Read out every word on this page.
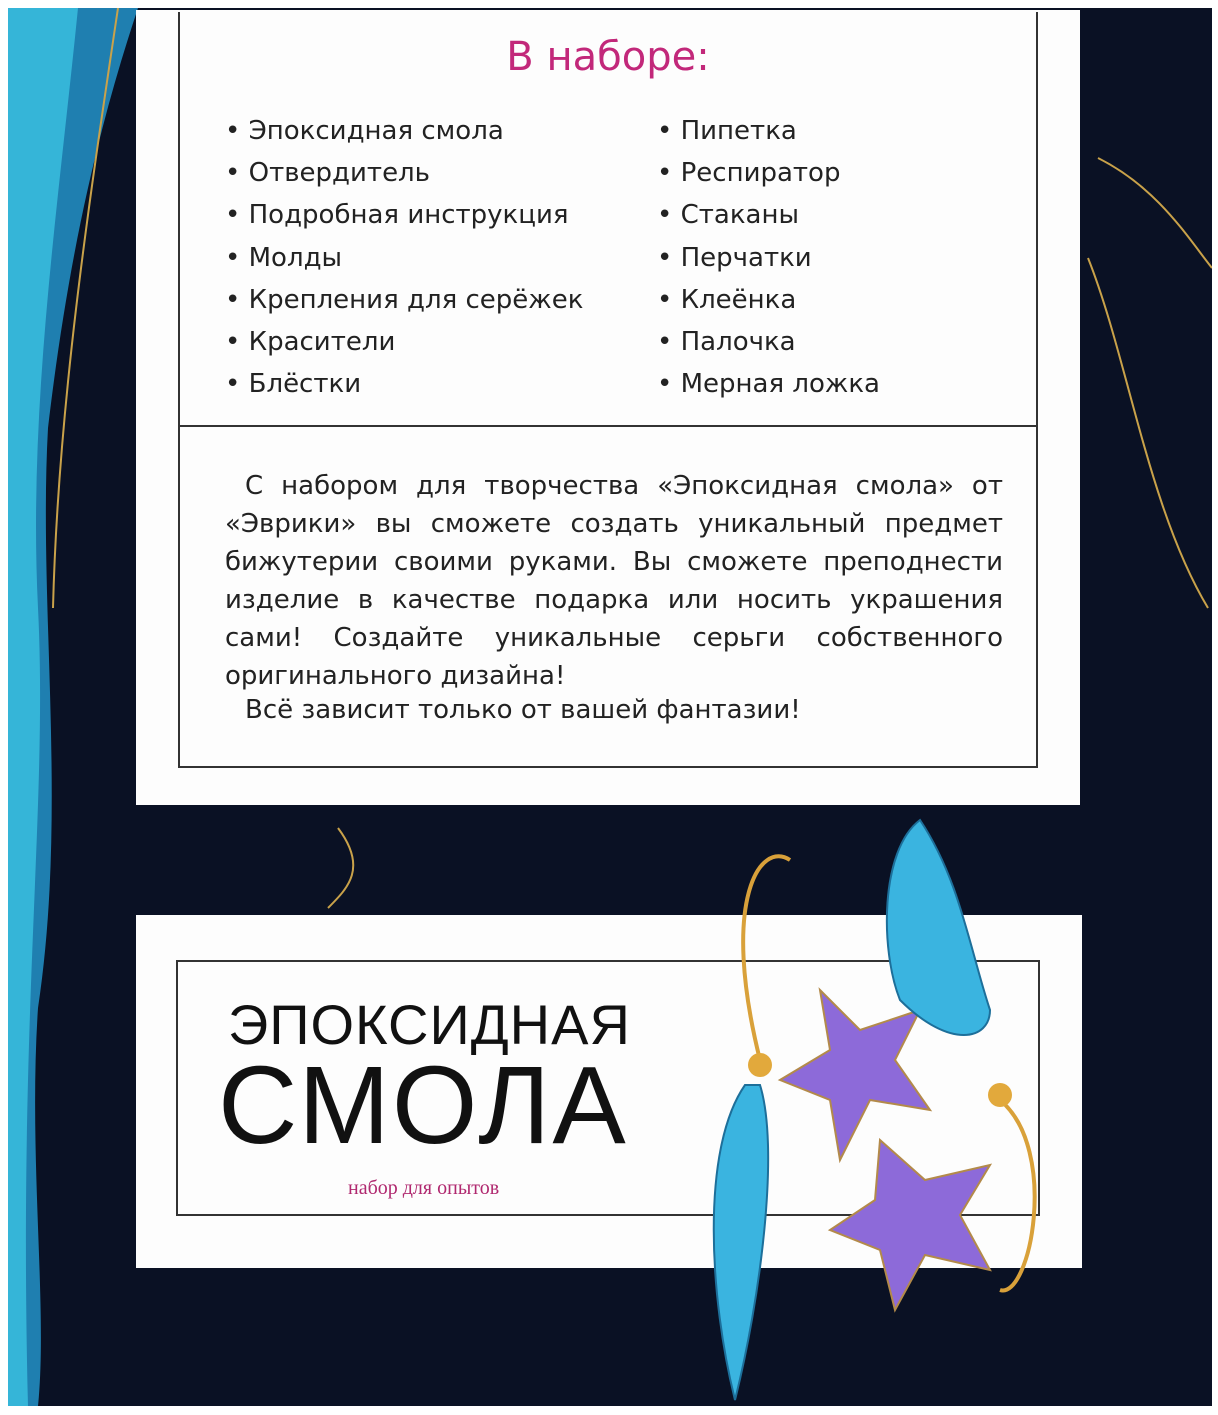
В наборе:
• Эпоксидная смола
• Отвердитель
• Подробная инструкция
• Молды
• Крепления для серёжек
• Красители
• Блёстки
• Пипетка
• Респиратор
• Стаканы
• Перчатки
• Клеёнка
• Палочка
• Мерная ложка
С набором для творчества «Эпоксидная смола» от «Эврики» вы сможете создать уникальный предмет бижутерии своими руками. Вы сможете преподнести изделие в качестве подарка или носить украшения сами! Создайте уникальные серьги собственного оригинального дизайна!
Всё зависит только от вашей фантазии!
ЭПОКСИДНАЯ
СМОЛА
набор для опытов
